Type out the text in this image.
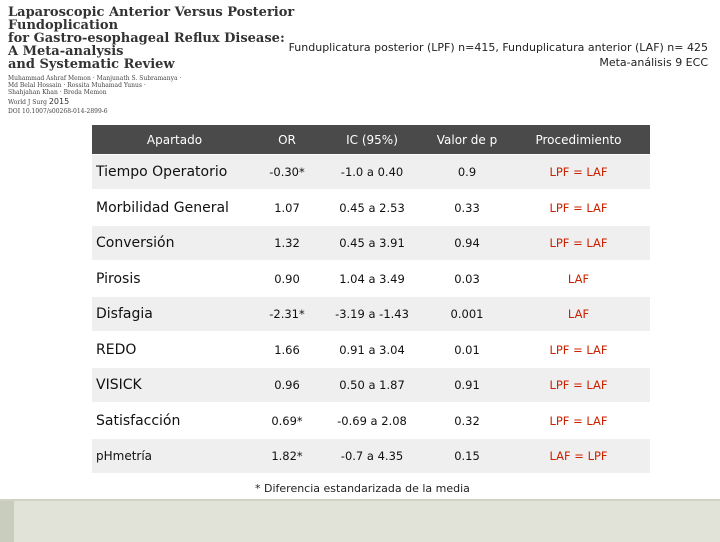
Laparoscopic Anterior Versus Posterior Fundoplication
for Gastro-esophageal Reflux Disease: A Meta-analysis
and Systematic Review
Muhammad Ashraf Memon · Manjunath S. Subramanya ·
Md Belal Hossain · Rossita Muhamad Yunus ·
Shahjahan Khan · Breda Memon
World J Surg 2015
DOI 10.1007/s00268-014-2899-6
Funduplicatura posterior (LPF) n=415, Funduplicatura anterior (LAF) n= 425
Meta-análisis 9 ECC
Apartado	OR	IC (95%)	Valor de p	Procedimiento
Tiempo Operatorio	-0.30*	-1.0 a 0.40	0.9	LPF = LAF
Morbilidad General	1.07	0.45 a 2.53	0.33	LPF = LAF
Conversión	1.32	0.45 a 3.91	0.94	LPF = LAF
Pirosis	0.90	1.04 a 3.49	0.03	LAF
Disfagia	-2.31*	-3.19 a -1.43	0.001	LAF
REDO	1.66	0.91 a 3.04	0.01	LPF = LAF
VISICK	0.96	0.50 a 1.87	0.91	LPF = LAF
Satisfacción	0.69*	-0.69 a 2.08	0.32	LPF = LAF
pHmetría	1.82*	-0.7 a 4.35	0.15	LAF = LPF
* Diferencia estandarizada de la media
